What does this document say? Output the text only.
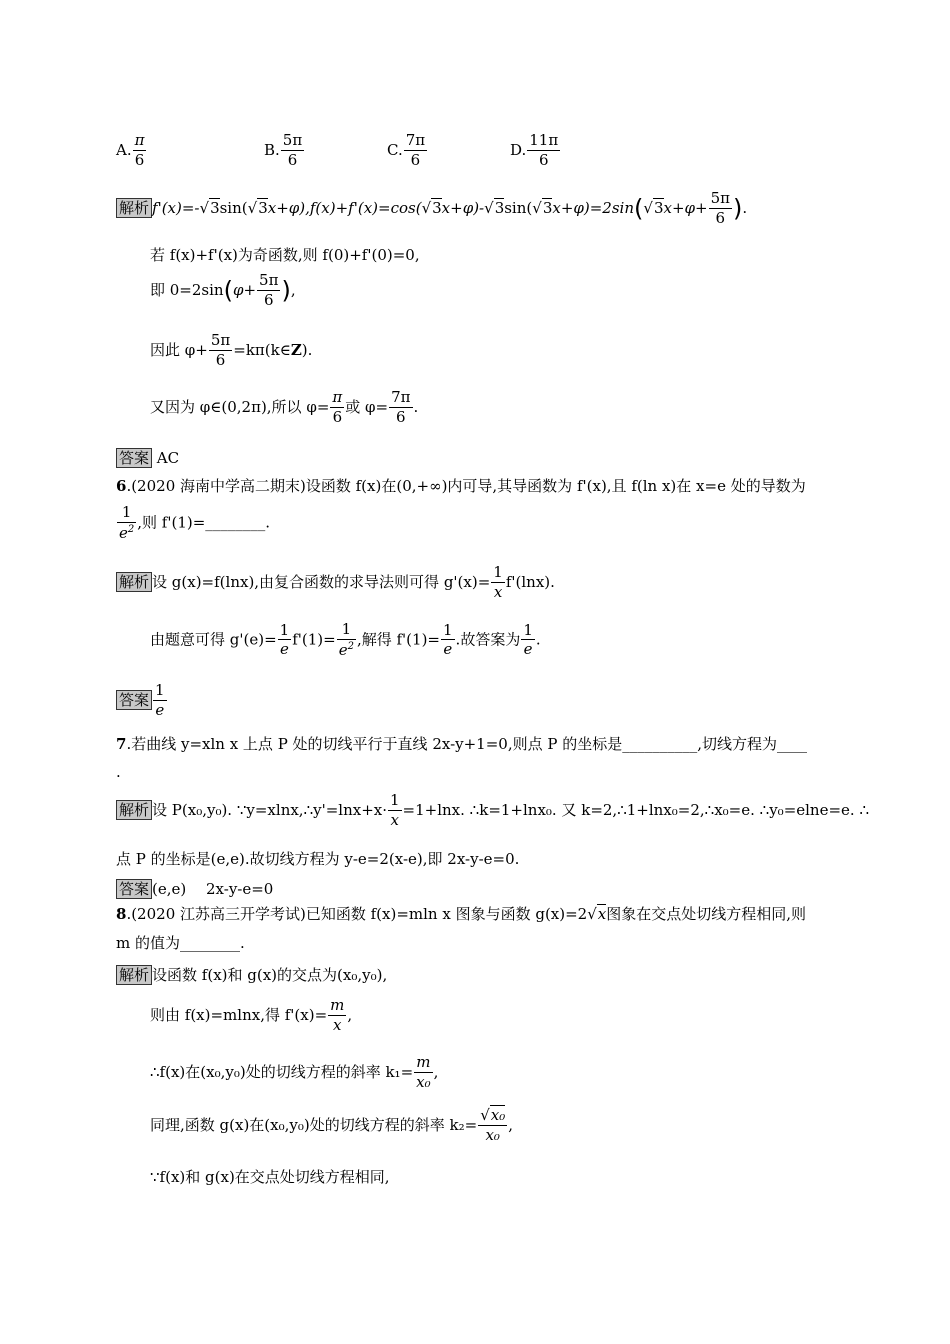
A. $\frac{\pi}{6}$	B. $\frac{5\pi}{6}$	C. $\frac{7\pi}{6}$	D. $\frac{11\pi}{6}$
解析 $f'(x)=-√3\sin(√3x+\varphi),f(x)+f'(x)=\cos(√3x+\varphi)-√3\sin(√3x+\varphi)=2\sin(√3x+\varphi+ \frac{5\pi}{6}$ ).
若 f(x)+f'(x)为奇函数,则 f(0)+f'(0)=0,
即 $0=2\sin(\varphi+ \frac{5\pi}{6}$ ),
因此 $\varphi+ \frac{5\pi}{6}$ =kπ(k∈Z).
又因为 φ∈(0,2π),所以 $\varphi= \frac{\pi}{6}$ 或 $\varphi= \frac{7\pi}{6}$ .
答案 AC
6.(2020 海南中学高二期末)设函数 f(x)在(0,+∞)内可导,其导函数为 f'(x),且 f(ln x)在 x=e 处的导数为
$\frac{1}{e^2}$ ,则 f'(1)=________.
解析 设 g(x)=f(lnx),由复合函数的求导法则可得 $g'(x)= \frac{1}{x} f'(\ln x)$.
由题意可得 $g'(e)= \frac{1}{e} f'(1)= \frac{1}{e^2}$ ,解得 $f'(1)= \frac{1}{e}$ .故答案为 $\frac{1}{e}$ .
答案 $\frac{1}{e}$
7.若曲线 y=xln x 上点 P 处的切线平行于直线 2x-y+1=0,则点 P 的坐标是__________,切线方程为____
.
解析 设 P(x₀,y₀). ∵y=xlnx,∴y'=lnx+x· $\frac{1}{x} =1+\ln x$. ∴k=1+lnx₀. 又 k=2,∴1+lnx₀=2,∴x₀=e. ∴y₀=elne=e. ∴
点 P 的坐标是(e,e).故切线方程为 y-e=2(x-e),即 2x-y-e=0.
答案 (e,e)　 2x-y-e=0
8.(2020 江苏高三开学考试)已知函数 f(x)=mln x 图象与函数 g(x)=2√x图象在交点处切线方程相同,则
m 的值为________.
解析 设函数 f(x)和 g(x)的交点为(x₀,y₀),
则由 f(x)=mlnx,得 $f'(x)= \frac{m}{x}$ ,
∴f(x)在(x₀,y₀)处的切线方程的斜率 $k_1= \frac{m}{\text{x₀}}$ ,
同理,函数 g(x)在(x₀,y₀)处的切线方程的斜率 $k_2= \frac{\text{√x₀}}{\text{x₀}}$ ,
∵f(x)和 g(x)在交点处切线方程相同,
